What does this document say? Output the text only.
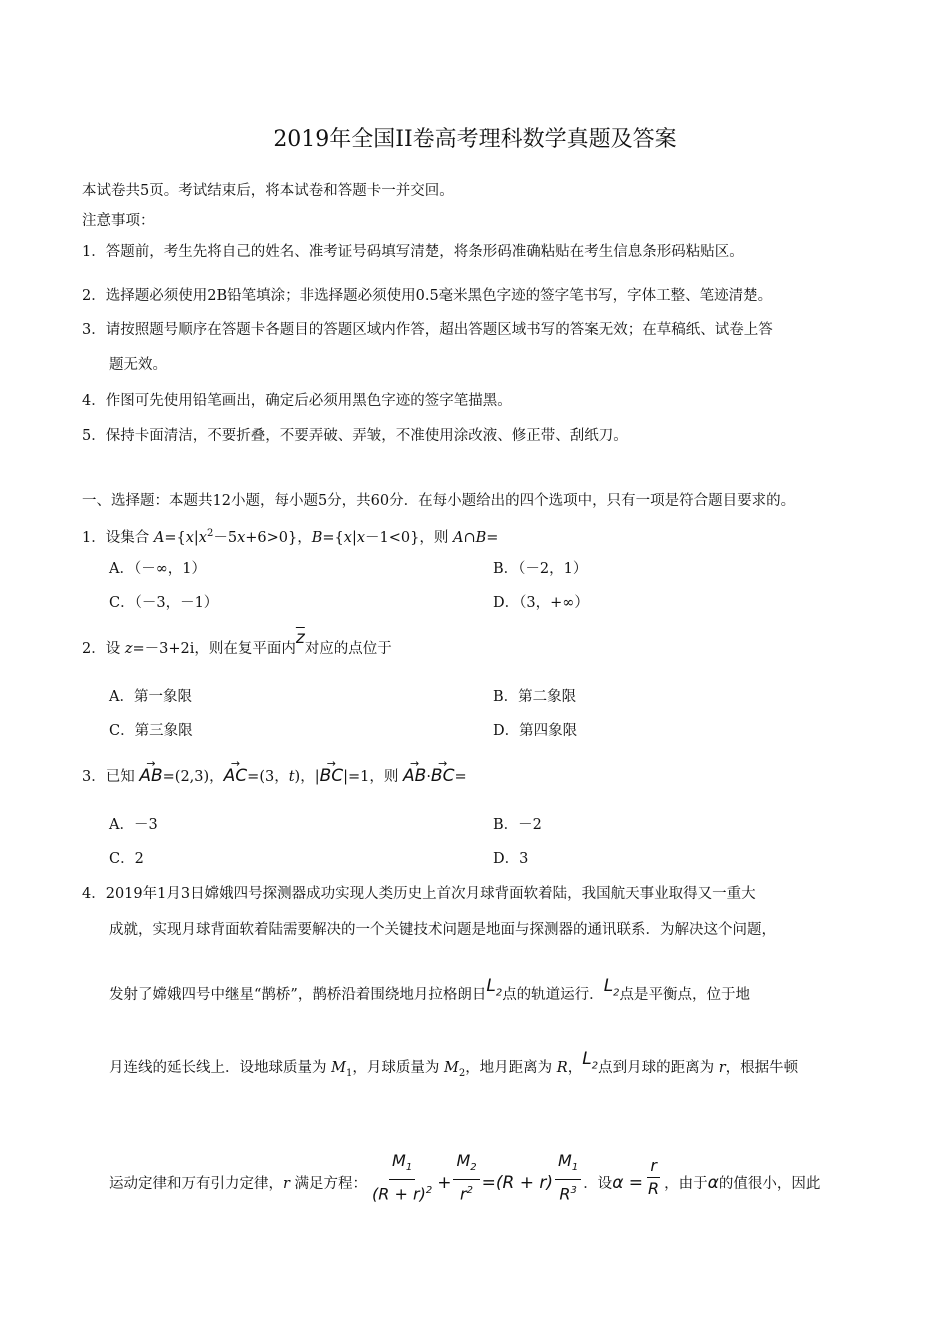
2019年全国II卷高考理科数学真题及答案
本试卷共5页。考试结束后，将本试卷和答题卡一并交回。
注意事项：
1．答题前，考生先将自己的姓名、准考证号码填写清楚，将条形码准确粘贴在考生信息条形码粘贴区。
2．选择题必须使用2B铅笔填涂；非选择题必须使用0.5毫米黑色字迹的签字笔书写，字体工整、笔迹清楚。
3．请按照题号顺序在答题卡各题目的答题区域内作答，超出答题区域书写的答案无效；在草稿纸、试卷上答
题无效。
4．作图可先使用铅笔画出，确定后必须用黑色字迹的签字笔描黑。
5．保持卡面清洁，不要折叠，不要弄破、弄皱，不准使用涂改液、修正带、刮纸刀。
一、选择题：本题共12小题，每小题5分，共60分．在每小题给出的四个选项中，只有一项是符合题目要求的。
1．设集合 $A=\{x|x^2-5x+6>0\}$，B={x|x－1<0}，则 A∩B=
A．（－∞，1）	B．（－2，1）
C．（－3，－1）	D．（3，+∞）
2．设 z=－3+2i，则在复平面内$\overline{z}$对应的点位于
A．第一象限	B．第二象限
C．第三象限	D．第四象限
3．已知 → AB=(2,3)，→ AC=(3，t)，|→ BC|=1，则 → AB·→ BC=
A．－3	B．－2
C．2	D．3
4．2019年1月3日嫦娥四号探测器成功实现人类历史上首次月球背面软着陆，我国航天事业取得又一重大
成就，实现月球背面软着陆需要解决的一个关键技术问题是地面与探测器的通讯联系．为解决这个问题，
发射了嫦娥四号中继星“鹊桥”，鹊桥沿着围绕地月拉格朗日$L_2$点的轨道运行．$L_2$点是平衡点，位于地
月连线的延长线上．设地球质量为 $M_1$，月球质量为 $M_2$，地月距离为 R，$L_2$点到月球的距离为 r，根据牛顿
运动定律和万有引力定律，r 满足方程： $\frac{M_1}{(R + r)^2} + \frac{M_2}{r^2} =(R + r) \frac{M_1}{R^3}$ ．设$\alpha = \frac{r}{R}$ ，由于α的值很小，因此
